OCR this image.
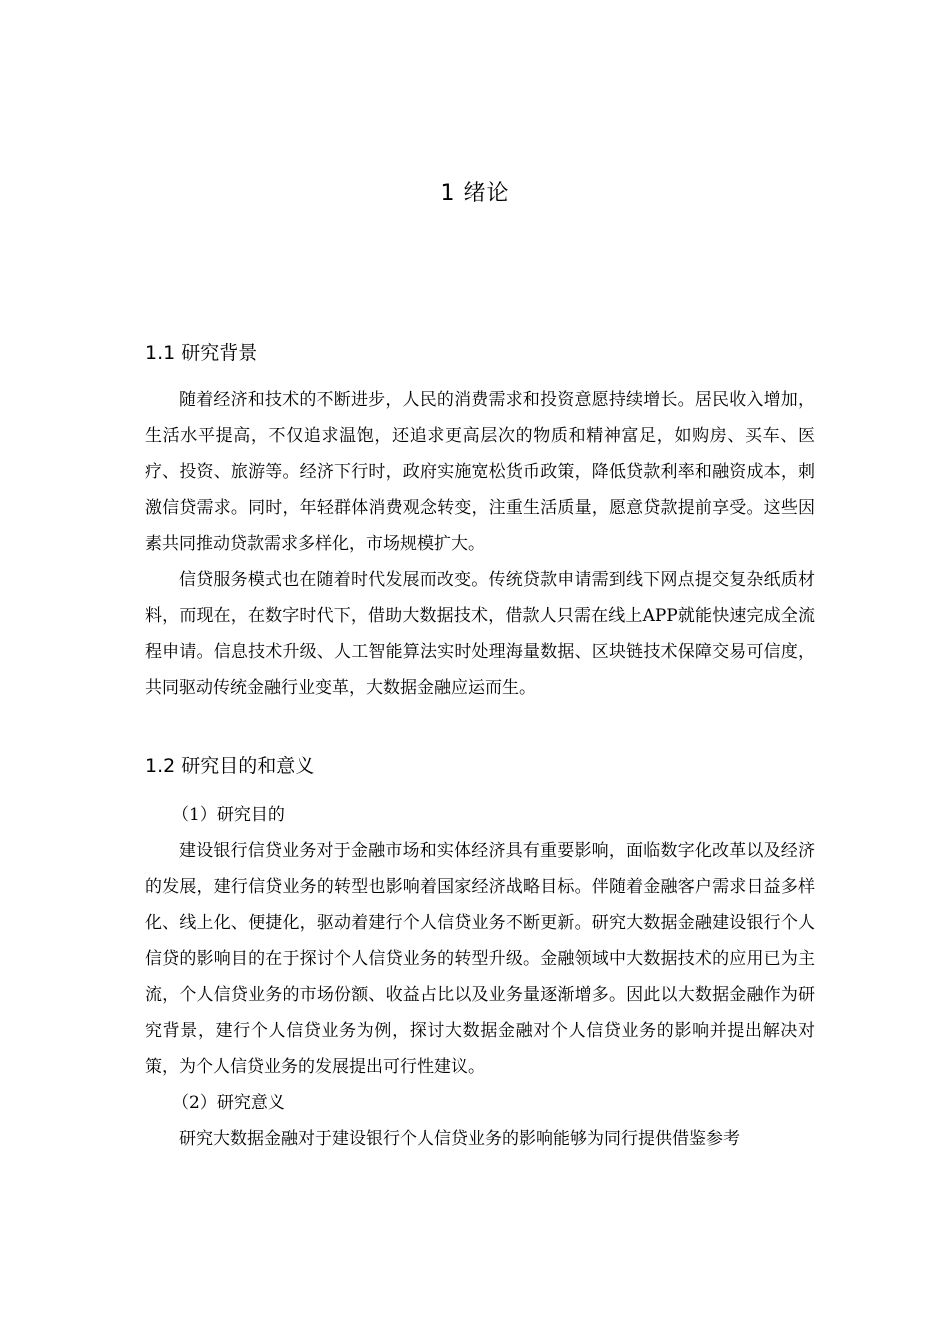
1 绪论
1.1 研究背景

随着经济和技术的不断进步，人民的消费需求和投资意愿持续增长。居民收入增加，生活水平提高，不仅追求温饱，还追求更高层次的物质和精神富足，如购房、买车、医疗、投资、旅游等。经济下行时，政府实施宽松货币政策，降低贷款利率和融资成本，刺激信贷需求。同时，年轻群体消费观念转变，注重生活质量，愿意贷款提前享受。这些因素共同推动贷款需求多样化，市场规模扩大。

信贷服务模式也在随着时代发展而改变。传统贷款申请需到线下网点提交复杂纸质材料，而现在，在数字时代下，借助大数据技术，借款人只需在线上APP就能快速完成全流程申请。信息技术升级、人工智能算法实时处理海量数据、区块链技术保障交易可信度，共同驱动传统金融行业变革，大数据金融应运而生。

1.2 研究目的和意义

（1）研究目的

建设银行信贷业务对于金融市场和实体经济具有重要影响，面临数字化改革以及经济的发展，建行信贷业务的转型也影响着国家经济战略目标。伴随着金融客户需求日益多样化、线上化、便捷化，驱动着建行个人信贷业务不断更新。研究大数据金融建设银行个人信贷的影响目的在于探讨个人信贷业务的转型升级。金融领域中大数据技术的应用已为主流，个人信贷业务的市场份额、收益占比以及业务量逐渐增多。因此以大数据金融作为研究背景，建行个人信贷业务为例，探讨大数据金融对个人信贷业务的影响并提出解决对策，为个人信贷业务的发展提出可行性建议。

（2）研究意义

研究大数据金融对于建设银行个人信贷业务的影响能够为同行提供借鉴参考
